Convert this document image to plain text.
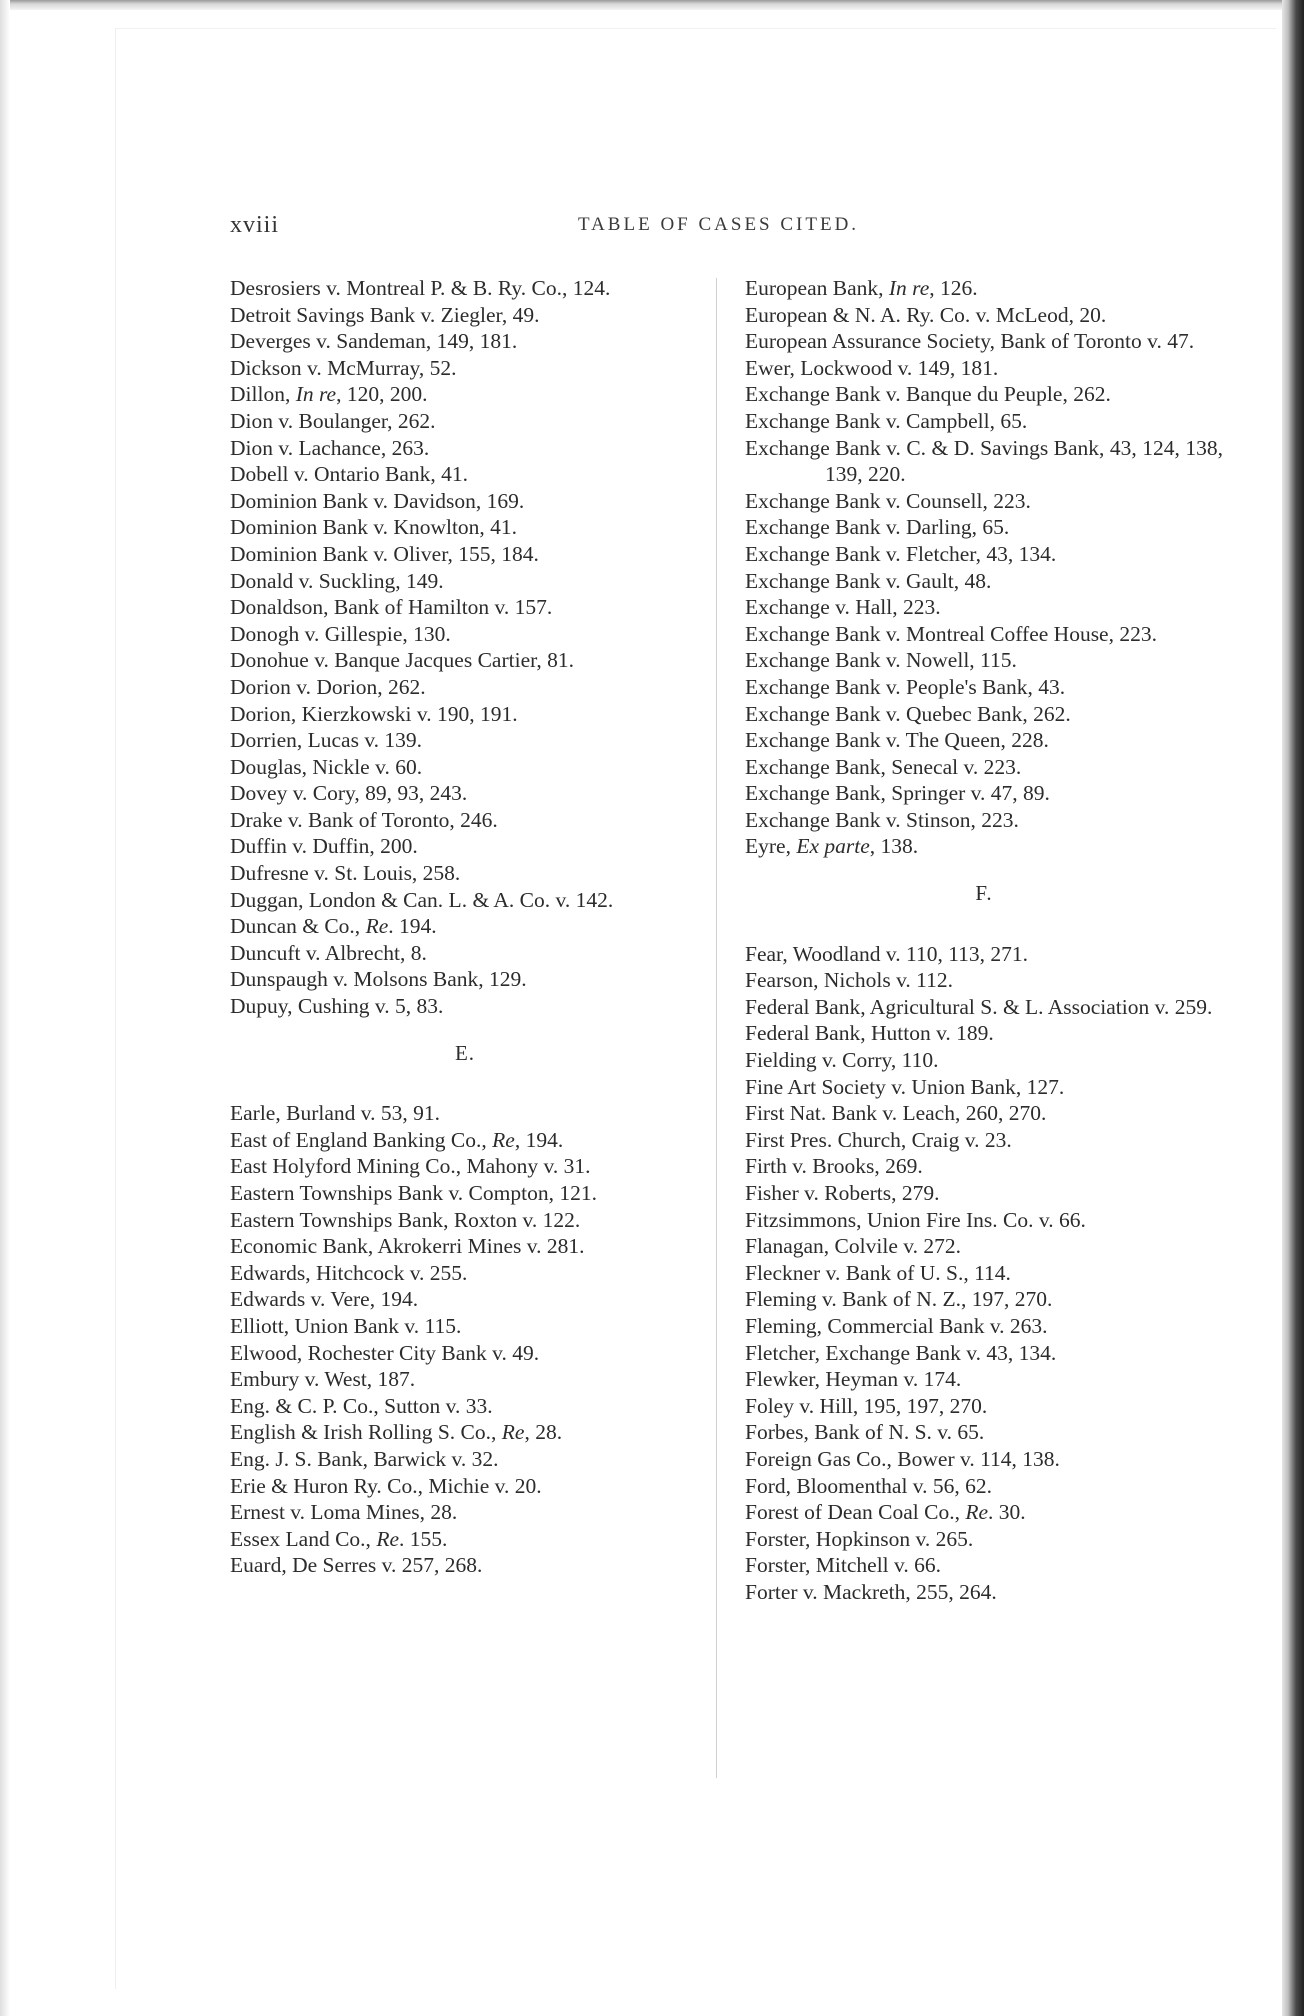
xviii	TABLE OF CASES CITED.

Desrosiers v. Montreal P. & B. Ry. Co., 124.

Detroit Savings Bank v. Ziegler, 49.

Deverges v. Sandeman, 149, 181.

Dickson v. McMurray, 52.

Dillon, In re, 120, 200.

Dion v. Boulanger, 262.

Dion v. Lachance, 263.

Dobell v. Ontario Bank, 41.

Dominion Bank v. Davidson, 169.

Dominion Bank v. Knowlton, 41.

Dominion Bank v. Oliver, 155, 184.

Donald v. Suckling, 149.

Donaldson, Bank of Hamilton v. 157.

Donogh v. Gillespie, 130.

Donohue v. Banque Jacques Cartier, 81.

Dorion v. Dorion, 262.

Dorion, Kierzkowski v. 190, 191.

Dorrien, Lucas v. 139.

Douglas, Nickle v. 60.

Dovey v. Cory, 89, 93, 243.

Drake v. Bank of Toronto, 246.

Duffin v. Duffin, 200.

Dufresne v. St. Louis, 258.

Duggan, London & Can. L. & A. Co. v. 142.

Duncan & Co., Re. 194.

Duncuft v. Albrecht, 8.

Dunspaugh v. Molsons Bank, 129.

Dupuy, Cushing v. 5, 83.

E.

Earle, Burland v. 53, 91.

East of England Banking Co., Re, 194.

East Holyford Mining Co., Mahony v. 31.

Eastern Townships Bank v. Compton, 121.

Eastern Townships Bank, Roxton v. 122.

Economic Bank, Akrokerri Mines v. 281.

Edwards, Hitchcock v. 255.

Edwards v. Vere, 194.

Elliott, Union Bank v. 115.

Elwood, Rochester City Bank v. 49.

Embury v. West, 187.

Eng. & C. P. Co., Sutton v. 33.

English & Irish Rolling S. Co., Re, 28.

Eng. J. S. Bank, Barwick v. 32.

Erie & Huron Ry. Co., Michie v. 20.

Ernest v. Loma Mines, 28.

Essex Land Co., Re. 155.

Euard, De Serres v. 257, 268.

European Bank, In re, 126.

European & N. A. Ry. Co. v. McLeod, 20.

European Assurance Society, Bank of Toronto v. 47.

Ewer, Lockwood v. 149, 181.

Exchange Bank v. Banque du Peuple, 262.

Exchange Bank v. Campbell, 65.

Exchange Bank v. C. & D. Savings Bank, 43, 124, 138, 139, 220.

Exchange Bank v. Counsell, 223.

Exchange Bank v. Darling, 65.

Exchange Bank v. Fletcher, 43, 134.

Exchange Bank v. Gault, 48.

Exchange v. Hall, 223.

Exchange Bank v. Montreal Coffee House, 223.

Exchange Bank v. Nowell, 115.

Exchange Bank v. People's Bank, 43.

Exchange Bank v. Quebec Bank, 262.

Exchange Bank v. The Queen, 228.

Exchange Bank, Senecal v. 223.

Exchange Bank, Springer v. 47, 89.

Exchange Bank v. Stinson, 223.

Eyre, Ex parte, 138.

F.

Fear, Woodland v. 110, 113, 271.

Fearson, Nichols v. 112.

Federal Bank, Agricultural S. & L. Association v. 259.

Federal Bank, Hutton v. 189.

Fielding v. Corry, 110.

Fine Art Society v. Union Bank, 127.

First Nat. Bank v. Leach, 260, 270.

First Pres. Church, Craig v. 23.

Firth v. Brooks, 269.

Fisher v. Roberts, 279.

Fitzsimmons, Union Fire Ins. Co. v. 66.

Flanagan, Colvile v. 272.

Fleckner v. Bank of U. S., 114.

Fleming v. Bank of N. Z., 197, 270.

Fleming, Commercial Bank v. 263.

Fletcher, Exchange Bank v. 43, 134.

Flewker, Heyman v. 174.

Foley v. Hill, 195, 197, 270.

Forbes, Bank of N. S. v. 65.

Foreign Gas Co., Bower v. 114, 138.

Ford, Bloomenthal v. 56, 62.

Forest of Dean Coal Co., Re. 30.

Forster, Hopkinson v. 265.

Forster, Mitchell v. 66.

Forter v. Mackreth, 255, 264.
